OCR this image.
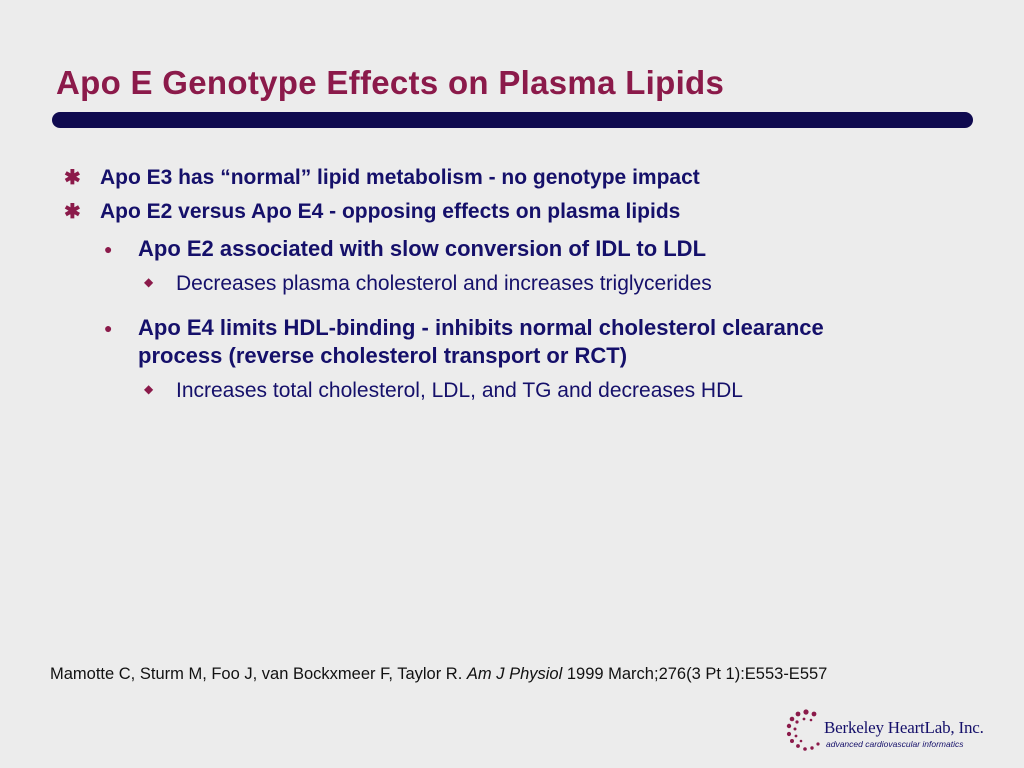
Apo E Genotype Effects on Plasma Lipids
✱ Apo E3 has “normal” lipid metabolism - no genotype impact
✱ Apo E2 versus Apo E4 - opposing effects on plasma lipids
● Apo E2 associated with slow conversion of IDL to LDL
◆ Decreases plasma cholesterol and increases triglycerides
● Apo E4 limits HDL-binding - inhibits normal cholesterol clearance process (reverse cholesterol transport or RCT)
◆ Increases total cholesterol, LDL, and TG and decreases HDL
Mamotte C, Sturm M, Foo J, van Bockxmeer F, Taylor R. Am J Physiol 1999 March;276(3 Pt 1):E553-E557
Berkeley HeartLab, Inc.
advanced cardiovascular informatics
